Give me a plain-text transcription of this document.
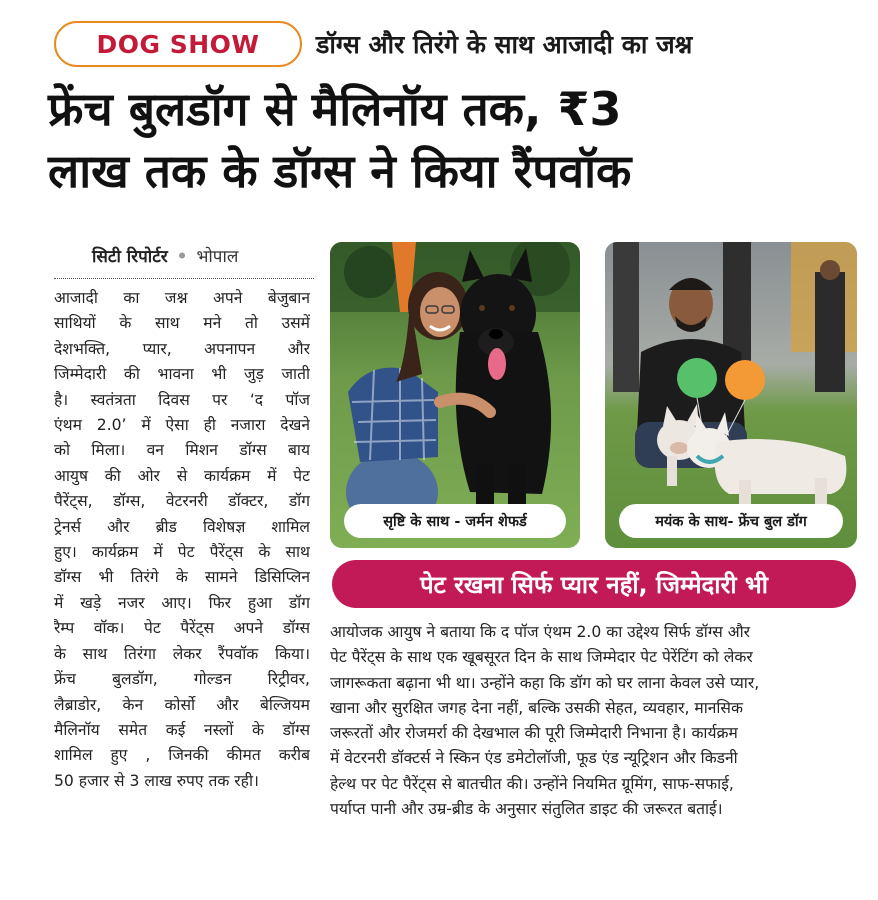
DOG SHOW डॉग्स और तिरंगे के साथ आजादी का जश्न
फ्रेंच बुलडॉग से मैलिनॉय तक, ₹3
लाख तक के डॉग्स ने किया रैंपवॉक
सिटी रिपोर्टर • भोपाल
आजादी का जश्न अपने बेजुबान
साथियों के साथ मने तो उसमें
देशभक्ति, प्यार, अपनापन और
जिम्मेदारी की भावना भी जुड़ जाती
है। स्वतंत्रता दिवस पर ‘द पॉज
एंथम 2.0’ में ऐसा ही नजारा देखने
को मिला। वन मिशन डॉग्स बाय
आयुष की ओर से कार्यक्रम में पेट
पैरेंट्स, डॉग्स, वेटरनरी डॉक्टर, डॉग
ट्रेनर्स और ब्रीड विशेषज्ञ शामिल
हुए। कार्यक्रम में पेट पैरेंट्स के साथ
डॉग्स भी तिरंगे के सामने डिसिप्लिन
में खड़े नजर आए। फिर हुआ डॉग
रैम्प वॉक। पेट पैरेंट्स अपने डॉग्स
के साथ तिरंगा लेकर रैंपवॉक किया।
फ्रेंच बुलडॉग, गोल्डन रिट्रीवर,
लैब्राडोर, केन कोर्सो और बेल्जियम
मैलिनॉय समेत कई नस्लों के डॉग्स
शामिल हुए , जिनकी कीमत करीब
50 हजार से 3 लाख रुपए तक रही।
सृष्टि के साथ - जर्मन शेफर्ड	मयंक के साथ- फ्रेंच बुल डॉग
पेट रखना सिर्फ प्यार नहीं, जिम्मेदारी भी
आयोजक आयुष ने बताया कि द पॉज एंथम 2.0 का उद्देश्य सिर्फ डॉग्स और
पेट पैरेंट्स के साथ एक खूबसूरत दिन के साथ जिम्मेदार पेट पेरेंटिंग को लेकर
जागरूकता बढ़ाना भी था। उन्होंने कहा कि डॉग को घर लाना केवल उसे प्यार,
खाना और सुरक्षित जगह देना नहीं, बल्कि उसकी सेहत, व्यवहार, मानसिक
जरूरतों और रोजमर्रा की देखभाल की पूरी जिम्मेदारी निभाना है। कार्यक्रम
में वेटरनरी डॉक्टर्स ने स्किन एंड डमेटोलॉजी, फूड एंड न्यूट्रिशन और किडनी
हेल्थ पर पेट पैरेंट्स से बातचीत की। उन्होंने नियमित ग्रूमिंग, साफ-सफाई,
पर्याप्त पानी और उम्र-ब्रीड के अनुसार संतुलित डाइट की जरूरत बताई।
